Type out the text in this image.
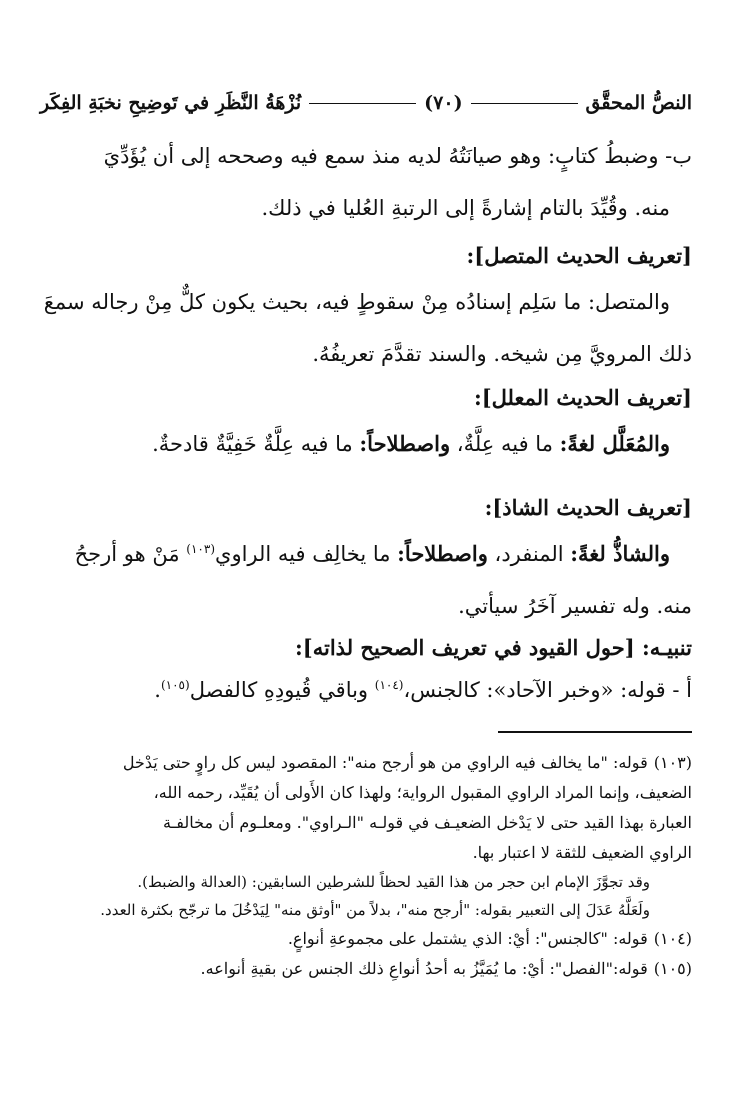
النصُّ المحقَّق
(٧٠)
نُزْهَةُ النَّظَرِ في تَوضِيحِ نخبَةِ الفِكَر
ب- وضبطُ كتابٍ: وهو صيانَتُهُ لديه منذ سمع فيه وصححه إلى أن يُؤَدِّيَ
منه. وقُيِّدَ بالتام إشارةً إلى الرتبةِ العُليا في ذلك.
[تعريف الحديث المتصل]:
والمتصل: ما سَلِم إسنادُه مِنْ سقوطٍ فيه، بحيث يكون كلٌّ مِنْ رجاله سمعَ
ذلك المرويَّ مِن شيخه. والسند تقدَّمَ تعريفُهُ.
[تعريف الحديث المعلل]:
والمُعَلَّل لغةً: ما فيه عِلَّةٌ، واصطلاحاً: ما فيه عِلَّةٌ خَفِيَّةٌ قادحةٌ.
[تعريف الحديث الشاذ]:
والشاذُّ لغةً: المنفرد، واصطلاحاً: ما يخالِف فيه الراوي$^{(١٠٣)}$ مَنْ هو أرجحُ
منه. وله تفسير آخَرُ سيأتي.
تنبيـه: [حول القيود في تعريف الصحيح لذاته]:
أ - قوله: «وخبر الآحاد»: كالجنس،$^{(١٠٤)}$ وباقي قُيودِهِ كالفصل$^{(١٠٥)}$.
(١٠٣)قوله: "ما يخالف فيه الراوي من هو أرجح منه": المقصود ليس كل راوٍ حتى يَدْخل
الضعيف، وإنما المراد الراوي المقبول الرواية؛ ولهذا كان الأَولى أن يُقَيِّد، رحمه الله،
العبارة بهذا القيد حتى لا يَدْخل الضعيـف في قولـه "الـراوي". ومعلـوم أن مخالفـة
الراوي الضعيف للثقة لا اعتبار بها.
وقد تجوَّزَ الإمام ابن حجر من هذا القيد لحظاً للشرطين السابقين: (العدالة والضبط).
ولَعَلَّهُ عَدَلَ إلى التعبير بقوله: "أرجح منه"، بدلاً من "أوثق منه" لِيَدْخُلَ ما ترجّح بكثرة العدد.
(١٠٤)قوله: "كالجنس": أيْ: الذي يشتمل على مجموعةِ أنواعٍ.
(١٠٥)قوله:"الفصل": أيْ: ما يُمَيَّزُ به أحدُ أنواعِ ذلك الجنس عن بقيةِ أنواعه.
